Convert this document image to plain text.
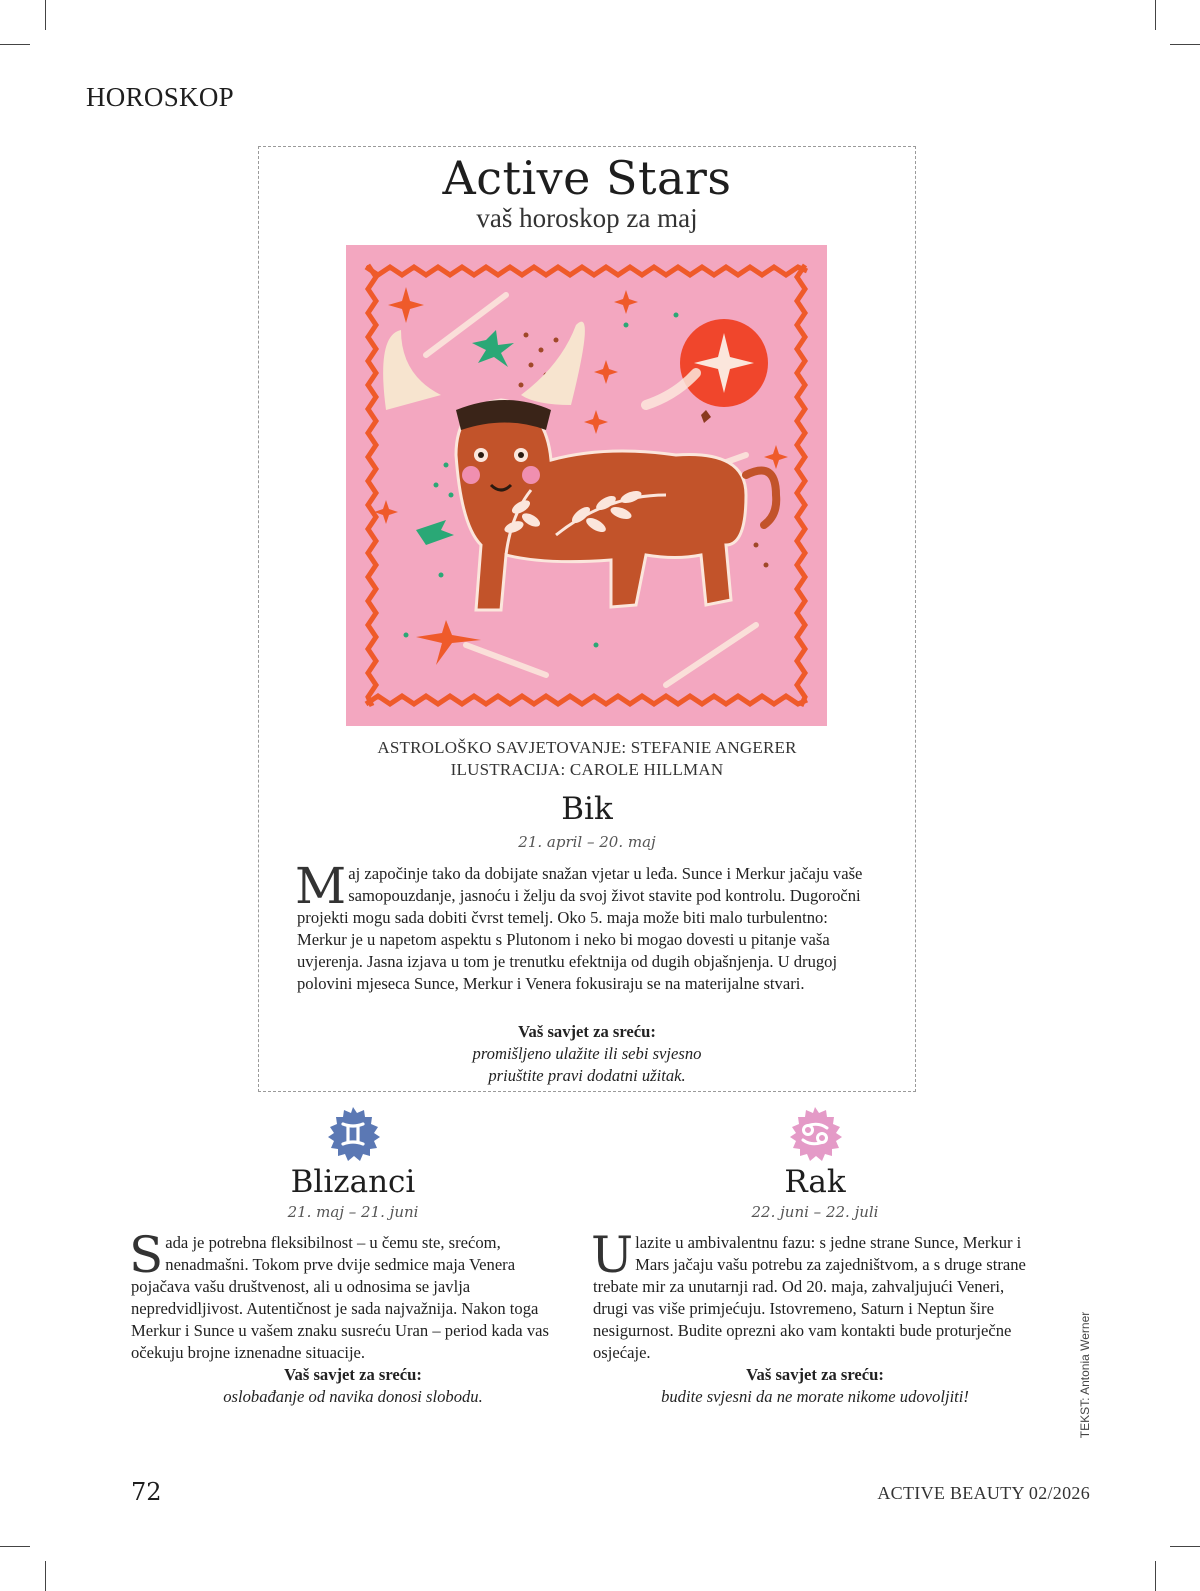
HOROSKOP
Active Stars
vaš horoskop za maj
ASTROLOŠKO SAVJETOVANJE: STEFANIE ANGERER
ILUSTRACIJA: CAROLE HILLMAN
Bik
21. april – 20. maj
Maj započinje tako da dobijate snažan vjetar u leđa. Sunce i Merkur jačaju vaše samopouzdanje, jasnoću i želju da svoj život stavite pod kontrolu. Dugoročni projekti mogu sada dobiti čvrst temelj. Oko 5. maja može biti malo turbulentno: Merkur je u napetom aspektu s Plutonom i neko bi mogao dovesti u pitanje vaša uvjerenja. Jasna izjava u tom je trenutku efektnija od dugih objašnjenja. U drugoj polovini mjeseca Sunce, Merkur i Venera fokusiraju se na materijalne stvari.
Vaš savjet za sreću:
promišljeno ulažite ili sebi svjesno
priuštite pravi dodatni užitak.
Blizanci
21. maj – 21. juni
Sada je potrebna fleksibilnost – u čemu ste, srećom, nenadmašni. Tokom prve dvije sedmice maja Venera pojačava vašu društvenost, ali u odnosima se javlja nepredvidljivost. Autentičnost je sada najvažnija. Nakon toga Merkur i Sunce u vašem znaku susreću Uran – period kada vas očekuju brojne iznenadne situacije.
Vaš savjet za sreću:
oslobađanje od navika donosi slobodu.
Rak
22. juni – 22. juli
Ulazite u ambivalentnu fazu: s jedne strane Sunce, Merkur i Mars jačaju vašu potrebu za zajedništvom, a s druge strane trebate mir za unutarnji rad. Od 20. maja, zahvaljujući Veneri, drugi vas više primjećuju. Istovremeno, Saturn i Neptun šire nesigurnost. Budite oprezni ako vam kontakti bude proturječne osjećaje.
Vaš savjet za sreću:
budite svjesni da ne morate nikome udovoljiti!	TEKST: Antonia Werner
72	ACTIVE BEAUTY 02/2026
